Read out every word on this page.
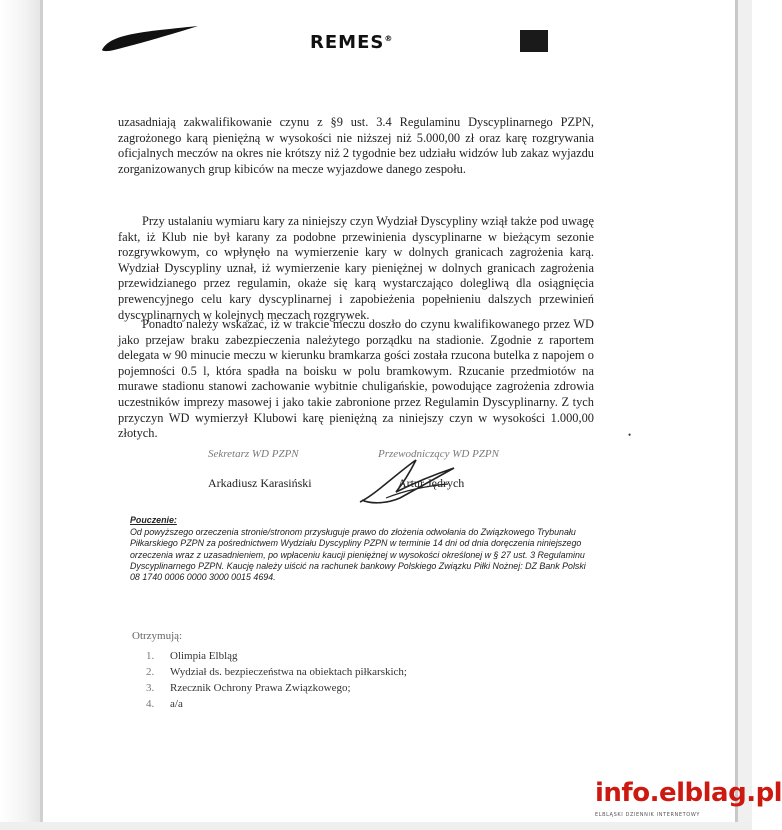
REMES®

uzasadniają zakwalifikowanie czynu z §9 ust. 3.4 Regulaminu Dyscyplinarnego PZPN, zagrożonego karą pieniężną w wysokości nie niższej niż 5.000,00 zł oraz karę rozgrywania oficjalnych meczów na okres nie krótszy niż 2 tygodnie bez udziału widzów lub zakaz wyjazdu zorganizowanych grup kibiców na mecze wyjazdowe danego zespołu.

Przy ustalaniu wymiaru kary za niniejszy czyn Wydział Dyscypliny wziął także pod uwagę fakt, iż Klub nie był karany za podobne przewinienia dyscyplinarne w bieżącym sezonie rozgrywkowym, co wpłynęło na wymierzenie kary w dolnych granicach zagrożenia karą. Wydział Dyscypliny uznał, iż wymierzenie kary pieniężnej w dolnych granicach zagrożenia przewidzianego przez regulamin, okaże się karą wystarczająco dolegliwą dla osiągnięcia prewencyjnego celu kary dyscyplinarnej i zapobieżenia popełnieniu dalszych przewinień dyscyplinarnych w kolejnych meczach rozgrywek.

Ponadto należy wskazać, iż w trakcie meczu doszło do czynu kwalifikowanego przez WD jako przejaw braku zabezpieczenia należytego porządku na stadionie. Zgodnie z raportem delegata w 90 minucie meczu w kierunku bramkarza gości została rzucona butelka z napojem o pojemności 0.5 l, która spadła na boisku w polu bramkowym. Rzucanie przedmiotów na murawe stadionu stanowi zachowanie wybitnie chuligańskie, powodujące zagrożenia zdrowia uczestników imprezy masowej i jako takie zabronione przez Regulamin Dyscyplinarny. Z tych przyczyn WD wymierzył Klubowi karę pieniężną za niniejszy czyn w wysokości 1.000,00 złotych.	•
Sekretarz WD PZPN
Arkadiusz Karasiński
Przewodniczący WD PZPN
Artur Jędrych
Pouczenie:
Od powyższego orzeczenia stronie/stronom przysługuje prawo do złożenia odwołania do Związkowego Trybunału Piłkarskiego PZPN za pośrednictwem Wydziału Dyscypliny PZPN w terminie 14 dni od dnia doręczenia niniejszego orzeczenia wraz z uzasadnieniem, po wpłaceniu kaucji pieniężnej w wysokości określonej w § 27 ust. 3 Regulaminu Dyscyplinarnego PZPN. Kaucję należy uiścić na rachunek bankowy Polskiego Związku Piłki Nożnej: DZ Bank Polski 08 1740 0006 0000 3000 0015 4694.
Otrzymują:
1.	Olimpia Elbląg
2.	Wydział ds. bezpieczeństwa na obiektach piłkarskich;
3.	Rzecznik Ochrony Prawa Związkowego;
4.	a/a
info.elblag.pl
ELBLĄSKI DZIENNIK INTERNETOWY
